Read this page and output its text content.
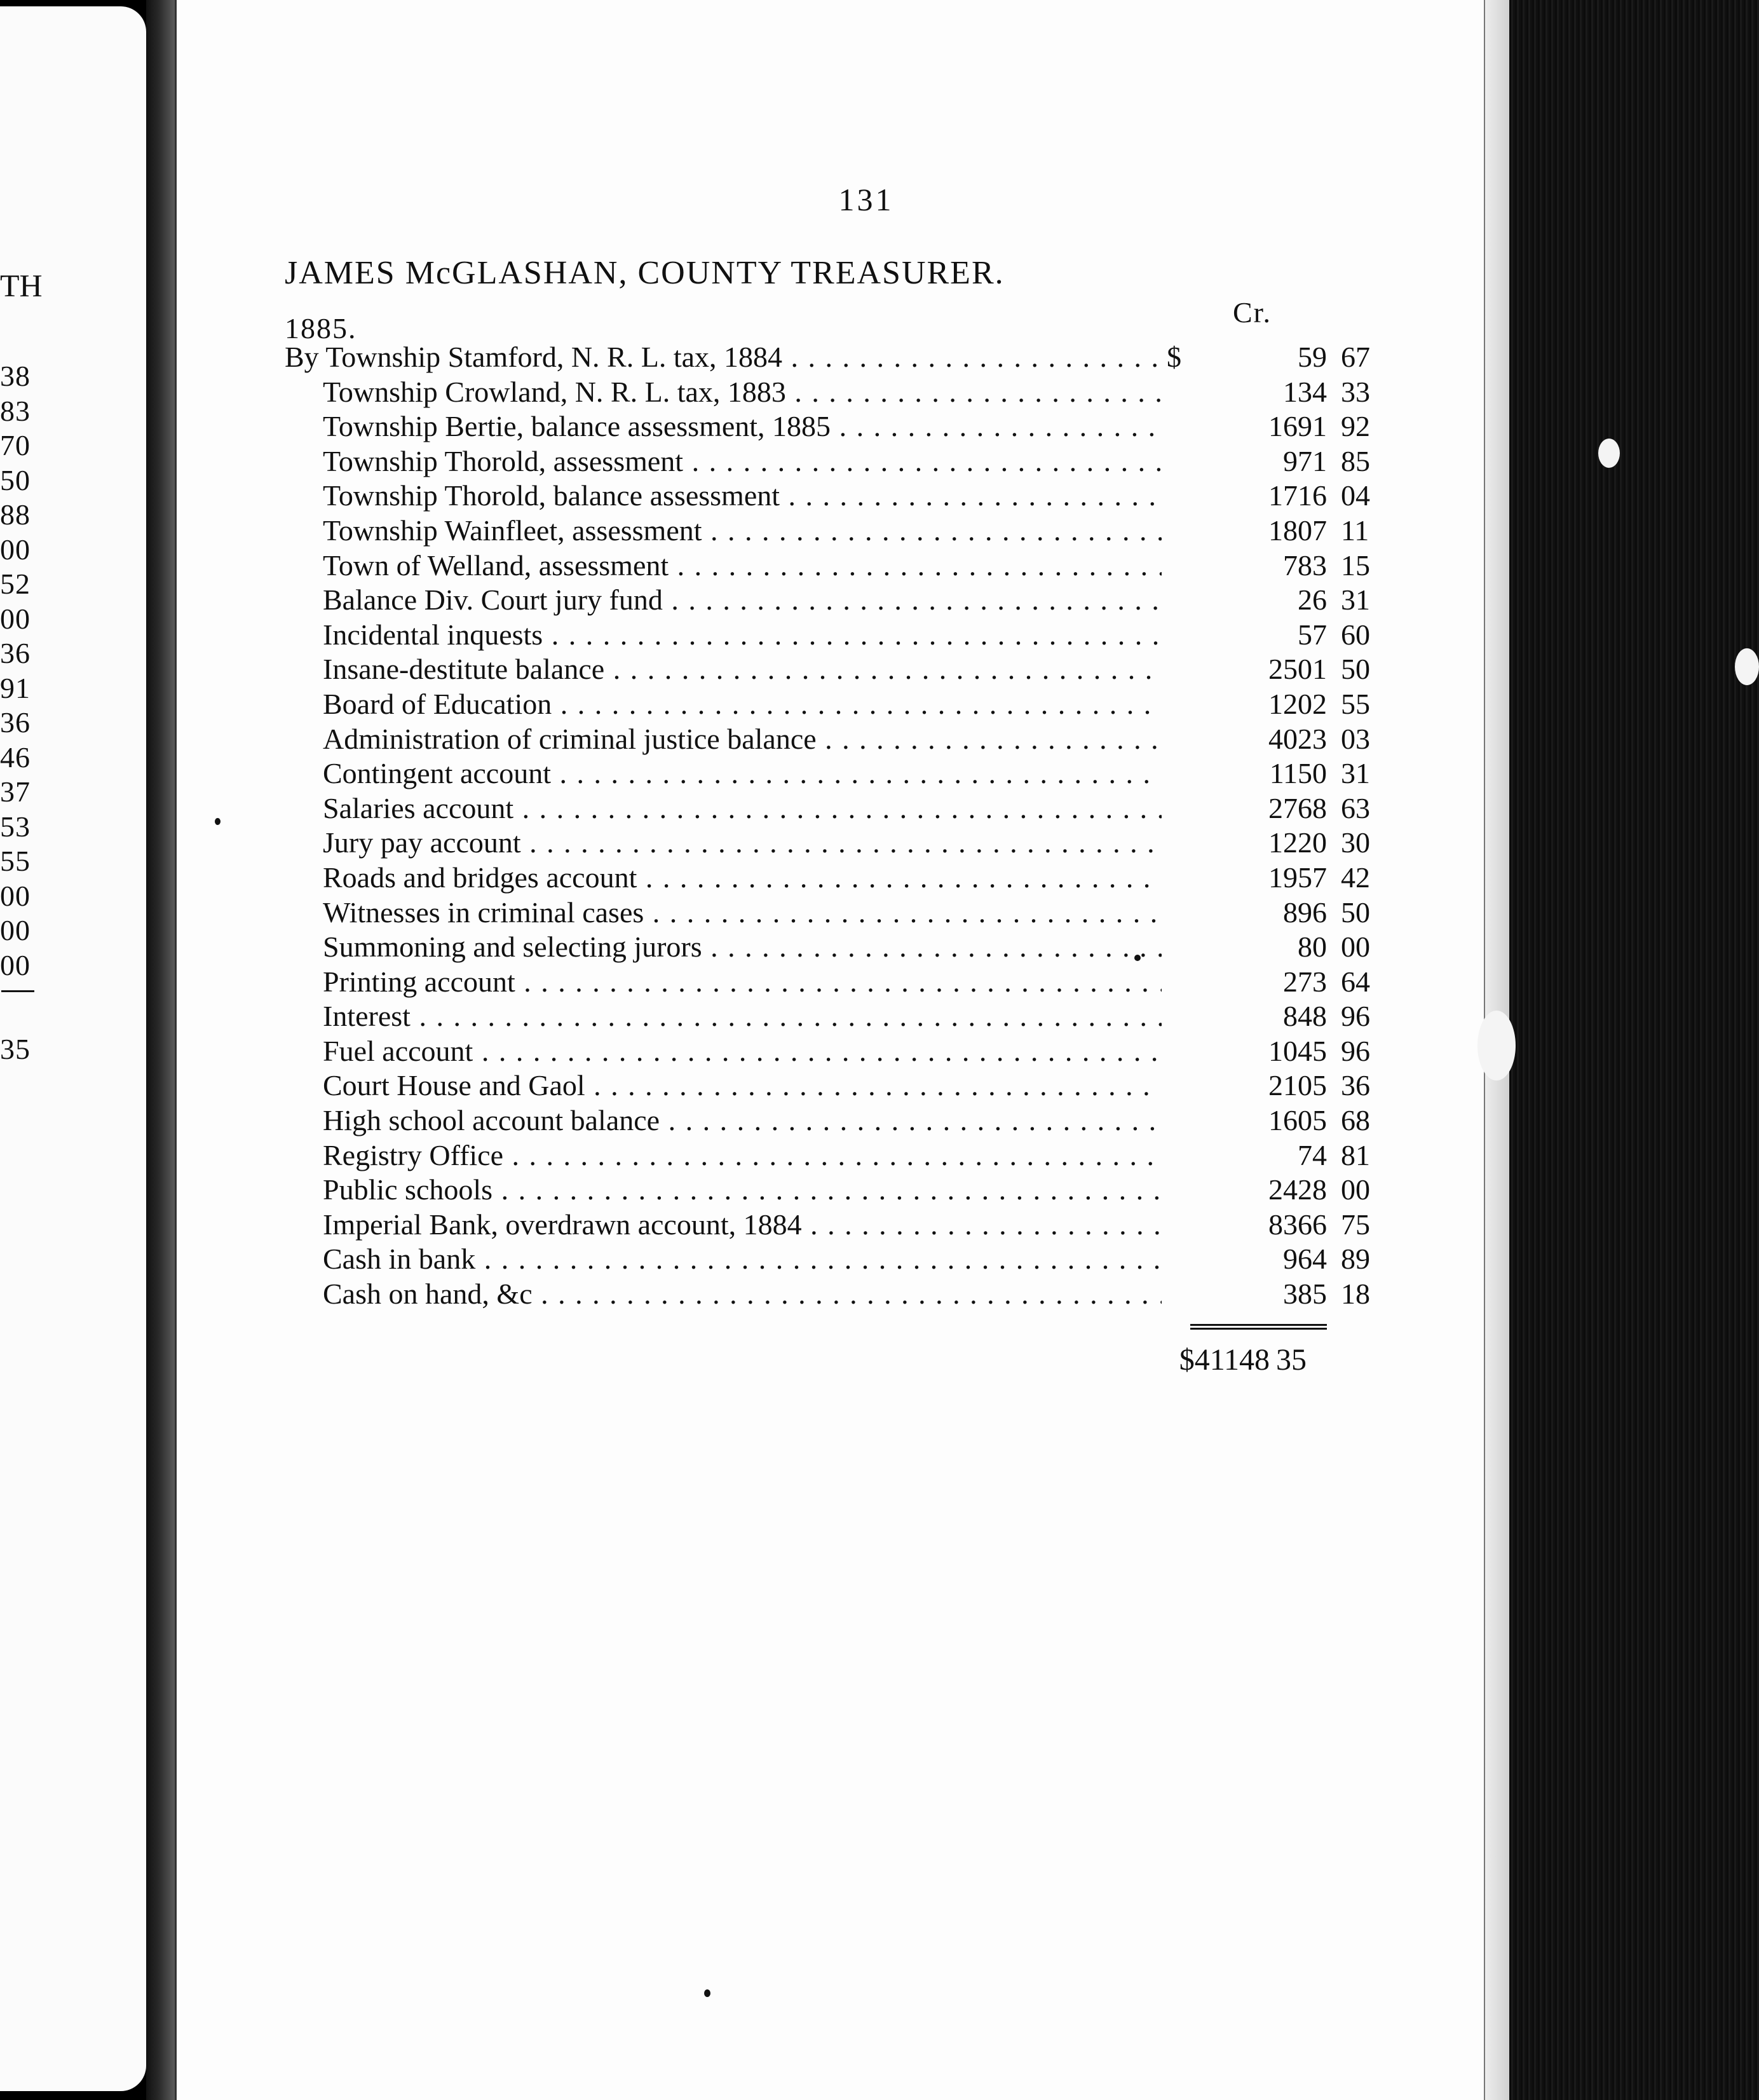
TH
38
83
70
50
88
00
52
00
36
91
36
46
37
53
55
00
00
00
35
131
JAMES McGLASHAN, COUNTY TREASURER.
Cr.
1885.
By Township Stamford, N. R. L. tax, 1884 . . .	$	59 67
Township Crowland, N. R. L. tax, 1883 . . .	134 33
Township Bertie, balance assessment, 1885 . . .	1691 92
Township Thorold, assessment . . .	971 85
Township Thorold, balance assessment . . .	1716 04
Township Wainfleet, assessment . . .	1807 11
Town of Welland, assessment . . .	783 15
Balance Div. Court jury fund . . .	26 31
Incidental inquests . . .	57 60
Insane-destitute balance . . .	2501 50
Board of Education . . .	1202 55
Administration of criminal justice balance . . .	4023 03
Contingent account . . .	1150 31
Salaries account . . .	2768 63
Jury pay account . . .	1220 30
Roads and bridges account . . .	1957 42
Witnesses in criminal cases . . .	896 50
Summoning and selecting jurors . . .	80 00
Printing account . . .	273 64
Interest . . .	848 96
Fuel account . . .	1045 96
Court House and Gaol . . .	2105 36
High school account balance . . .	1605 68
Registry Office . . .	74 81
Public schools . . .	2428 00
Imperial Bank, overdrawn account, 1884 . . .	8366 75
Cash in bank . . .	964 89
Cash on hand, &c . . .	385 18
$41148 35
